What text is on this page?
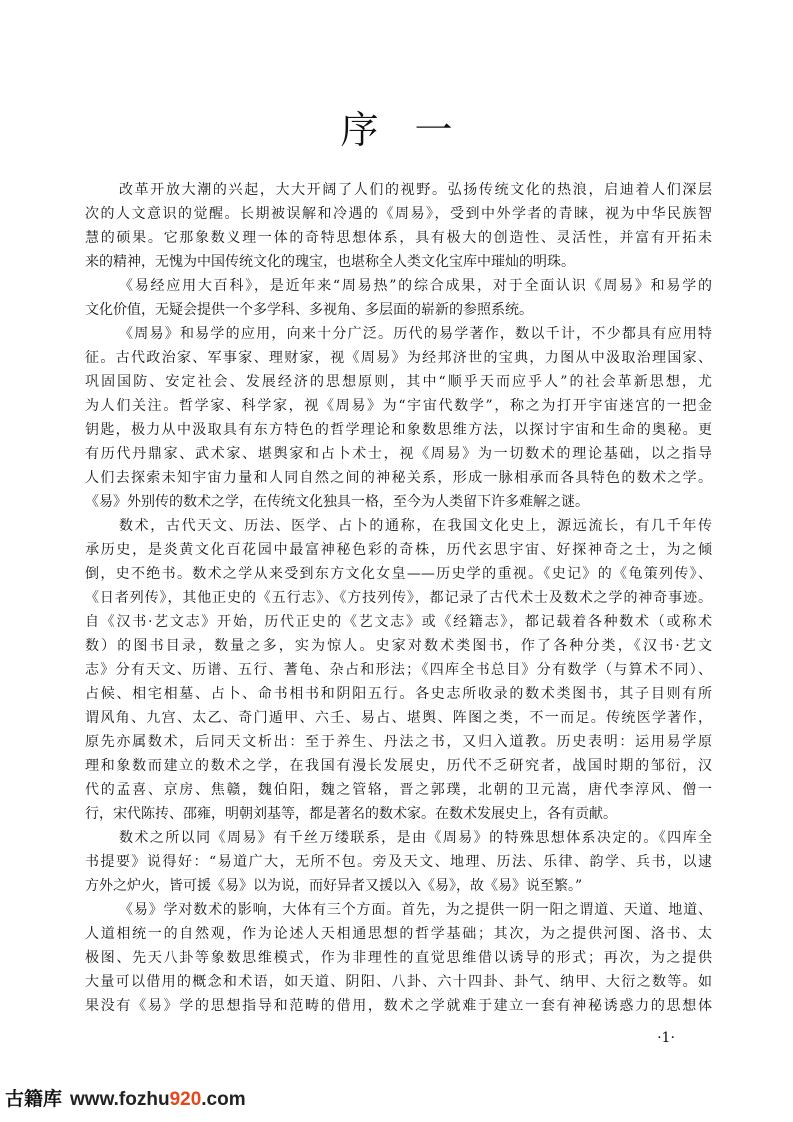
序 一
改革开放大潮的兴起，大大开阔了人们的视野。弘扬传统文化的热浪，启迪着人们深层
次的人文意识的觉醒。长期被误解和冷遇的《周易》，受到中外学者的青睐，视为中华民族智
慧的硕果。它那象数义理一体的奇特思想体系，具有极大的创造性、灵活性，并富有开拓未
来的精神，无愧为中国传统文化的瑰宝，也堪称全人类文化宝库中璀灿的明珠。
《易经应用大百科》，是近年来“周易热”的综合成果，对于全面认识《周易》和易学的
文化价值，无疑会提供一个多学科、多视角、多层面的崭新的参照系统。
《周易》和易学的应用，向来十分广泛。历代的易学著作，数以千计，不少都具有应用特
征。古代政治家、军事家、理财家，视《周易》为经邦济世的宝典，力图从中汲取治理国家、
巩固国防、安定社会、发展经济的思想原则，其中“顺乎天而应乎人”的社会革新思想，尤
为人们关注。哲学家、科学家，视《周易》为“宇宙代数学”，称之为打开宇宙迷宫的一把金
钥匙，极力从中汲取具有东方特色的哲学理论和象数思维方法，以探讨宇宙和生命的奥秘。更
有历代丹鼎家、武术家、堪舆家和占卜术士，视《周易》为一切数术的理论基础，以之指导
人们去探索未知宇宙力量和人同自然之间的神秘关系，形成一脉相承而各具特色的数术之学。
《易》外别传的数术之学，在传统文化独具一格，至今为人类留下许多难解之谜。
数术，古代天文、历法、医学、占卜的通称，在我国文化史上，源远流长，有几千年传
承历史，是炎黄文化百花园中最富神秘色彩的奇株，历代玄思宇宙、好探神奇之士，为之倾
倒，史不绝书。数术之学从来受到东方文化女皇——历史学的重视。《史记》的《龟策列传》、
《日者列传》，其他正史的《五行志》、《方技列传》，都记录了古代术士及数术之学的神奇事迹。
自《汉书·艺文志》开始，历代正史的《艺文志》或《经籍志》，都记载着各种数术（或称术
数）的图书目录，数量之多，实为惊人。史家对数术类图书，作了各种分类，《汉书·艺文
志》分有天文、历谱、五行、蓍龟、杂占和形法；《四库全书总目》分有数学（与算术不同）、
占候、相宅相墓、占卜、命书相书和阴阳五行。各史志所收录的数术类图书，其子目则有所
谓风角、九宫、太乙、奇门遁甲、六壬、易占、堪舆、阵图之类，不一而足。传统医学著作，
原先亦属数术，后同天文析出：至于养生、丹法之书，又归入道教。历史表明：运用易学原
理和象数而建立的数术之学，在我国有漫长发展史，历代不乏研究者，战国时期的邹衍，汉
代的孟喜、京房、焦赣，魏伯阳，魏之管辂，晋之郭璞，北朝的卫元嵩，唐代李淳风、僧一
行，宋代陈抟、邵雍，明朝刘基等，都是著名的数术家。在数术发展史上，各有贡献。
数术之所以同《周易》有千丝万缕联系，是由《周易》的特殊思想体系决定的。《四库全
书提要》说得好：“易道广大，无所不包。旁及天文、地理、历法、乐律、韵学、兵书，以逮
方外之炉火，皆可援《易》以为说，而好异者又援以入《易》，故《易》说至繁。”
《易》学对数术的影响，大体有三个方面。首先，为之提供一阴一阳之谓道、天道、地道、
人道相统一的自然观，作为论述人天相通思想的哲学基础；其次，为之提供河图、洛书、太
极图、先天八卦等象数思维模式，作为非理性的直觉思维借以诱导的形式；再次，为之提供
大量可以借用的概念和术语，如天道、阴阳、八卦、六十四卦、卦气、纳甲、大衍之数等。如
果没有《易》学的思想指导和范畴的借用，数术之学就难于建立一套有神秘诱惑力的思想体
·1·
古籍库 www.fozhu920.com
